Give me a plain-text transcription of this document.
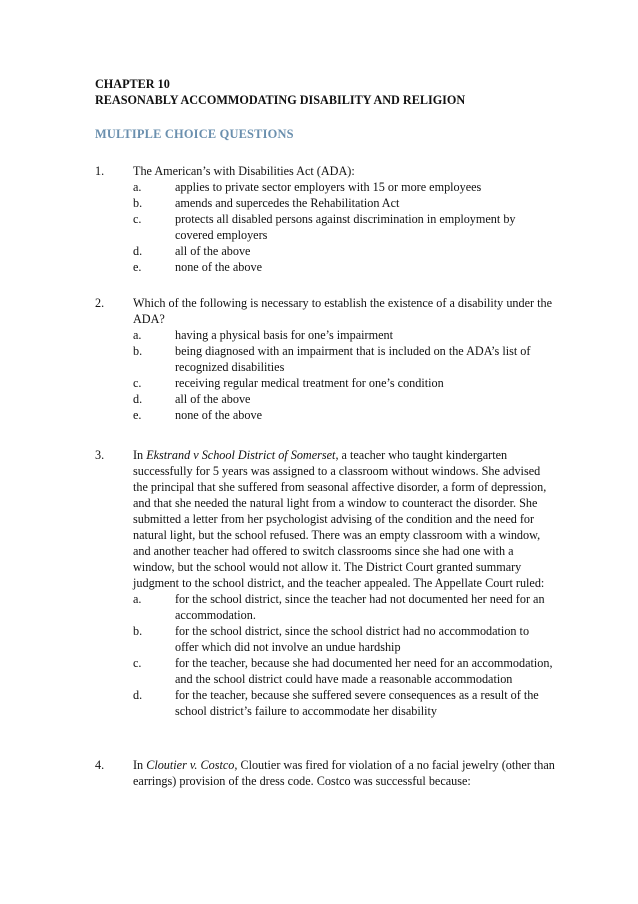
CHAPTER 10
REASONABLY ACCOMMODATING DISABILITY AND RELIGION
MULTIPLE CHOICE QUESTIONS
1. The American’s with Disabilities Act (ADA):
a.	applies to private sector employers with 15 or more employees
b.	amends and supercedes the Rehabilitation Act
c.	protects all disabled persons against discrimination in employment by covered employers
d.	all of the above
e.	none of the above
2. Which of the following is necessary to establish the existence of a disability under the ADA?
a.	having a physical basis for one’s impairment
b.	being diagnosed with an impairment that is included on the ADA’s list of recognized disabilities
c.	receiving regular medical treatment for one’s condition
d.	all of the above
e.	none of the above
3. In Ekstrand v School District of Somerset, a teacher who taught kindergarten successfully for 5 years was assigned to a classroom without windows. She advised the principal that she suffered from seasonal affective disorder, a form of depression, and that she needed the natural light from a window to counteract the disorder. She submitted a letter from her psychologist advising of the condition and the need for natural light, but the school refused. There was an empty classroom with a window, and another teacher had offered to switch classrooms since she had one with a window, but the school would not allow it. The District Court granted summary judgment to the school district, and the teacher appealed. The Appellate Court ruled:
a.	for the school district, since the teacher had not documented her need for an accommodation.
b.	for the school district, since the school district had no accommodation to offer which did not involve an undue hardship
c.	for the teacher, because she had documented her need for an accommodation, and the school district could have made a reasonable accommodation
d.	for the teacher, because she suffered severe consequences as a result of the school district’s failure to accommodate her disability
4. In Cloutier v. Costco, Cloutier was fired for violation of a no facial jewelry (other than earrings) provision of the dress code. Costco was successful because:
